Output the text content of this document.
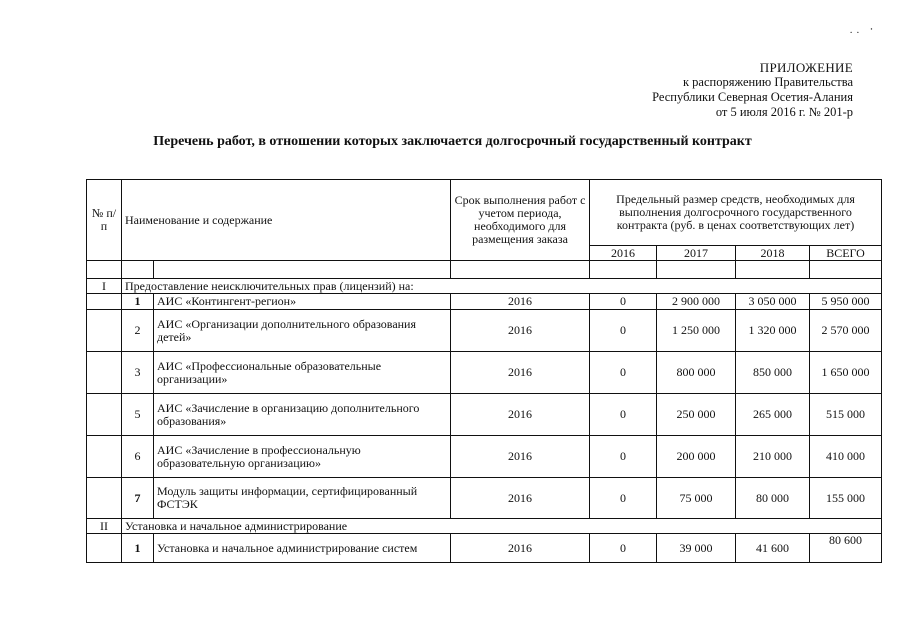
.. ⸱
ПРИЛОЖЕНИЕ
к распоряжению Правительства
Республики Северная Осетия-Алания
от 5 июля 2016 г. № 201-р
Перечень работ, в отношении которых заключается долгосрочный государственный контракт
№ п/п	Наименование и содержание		Срок выполнения работ с учетом периода, необходимого для размещения заказа	Предельный размер средств, необходимых для выполнения долгосрочного государственного контракта (руб. в ценах соответствующих лет)			
				2016	2017	2018	ВСЕГО

I	Предоставление неисключительных прав (лицензий) на:						
	1	АИС «Контингент-регион»	2016	0	2 900 000	3 050 000	5 950 000
	2	АИС «Организации дополнительного образования детей»	2016	0	1 250 000	1 320 000	2 570 000
	3	АИС «Профессиональные образовательные организации»	2016	0	800 000	850 000	1 650 000
	5	АИС «Зачисление в организацию дополнительного образования»	2016	0	250 000	265 000	515 000
	6	АИС «Зачисление в профессиональную образовательную организацию»	2016	0	200 000	210 000	410 000
	7	Модуль защиты информации, сертифицированный ФСТЭК	2016	0	75 000	80 000	155 000
II	Установка и начальное администрирование						
	1	Установка и начальное администрирование систем	2016	0	39 000	41 600	80 600
